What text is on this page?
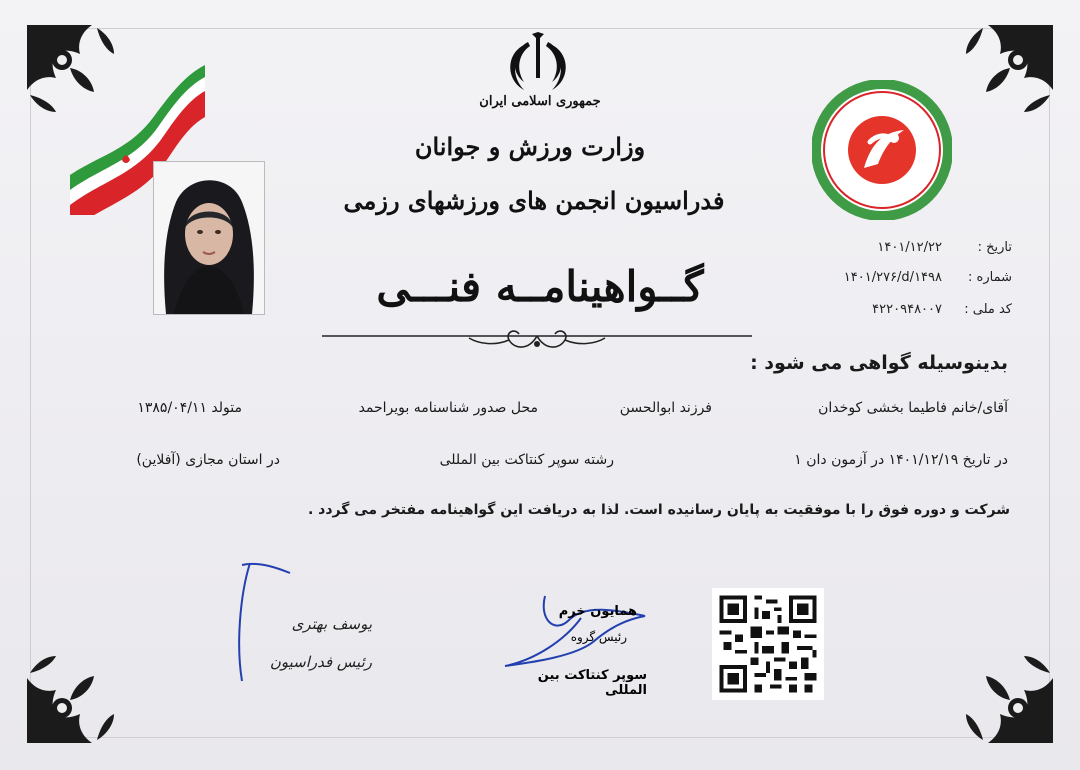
جمهوری اسلامی ایران
وزارت ورزش و جوانان
فدراسیون انجمن های ورزشهای رزمی
تاریخ :
۱۴۰۱/۱۲/۲۲
شماره :
۱۴۰۱/۲۷۶/d/۱۴۹۸
کد ملی :
۴۲۲۰۹۴۸۰۰۷
گــواهینامــه فنـــی
بدینوسیله گواهی می شود :
آقای/خانم فاطیما بخشی کوخدان
فرزند ابوالحسن
محل صدور شناسنامه بویراحمد
متولد ۱۳۸۵/۰۴/۱۱
در تاریخ ۱۴۰۱/۱۲/۱۹ در آزمون دان ۱
رشته سوپر کنتاکت بین المللی
در استان مجازی (آفلاین)
شرکت و دوره فوق را با موفقیت به پایان رسانیده است. لذا به دریافت این گواهینامه مفتخر می گردد .
یوسف بهتری
رئیس فدراسیون
همایون خرم
رئیس گروه
سوپر کنتاکت بین المللی
